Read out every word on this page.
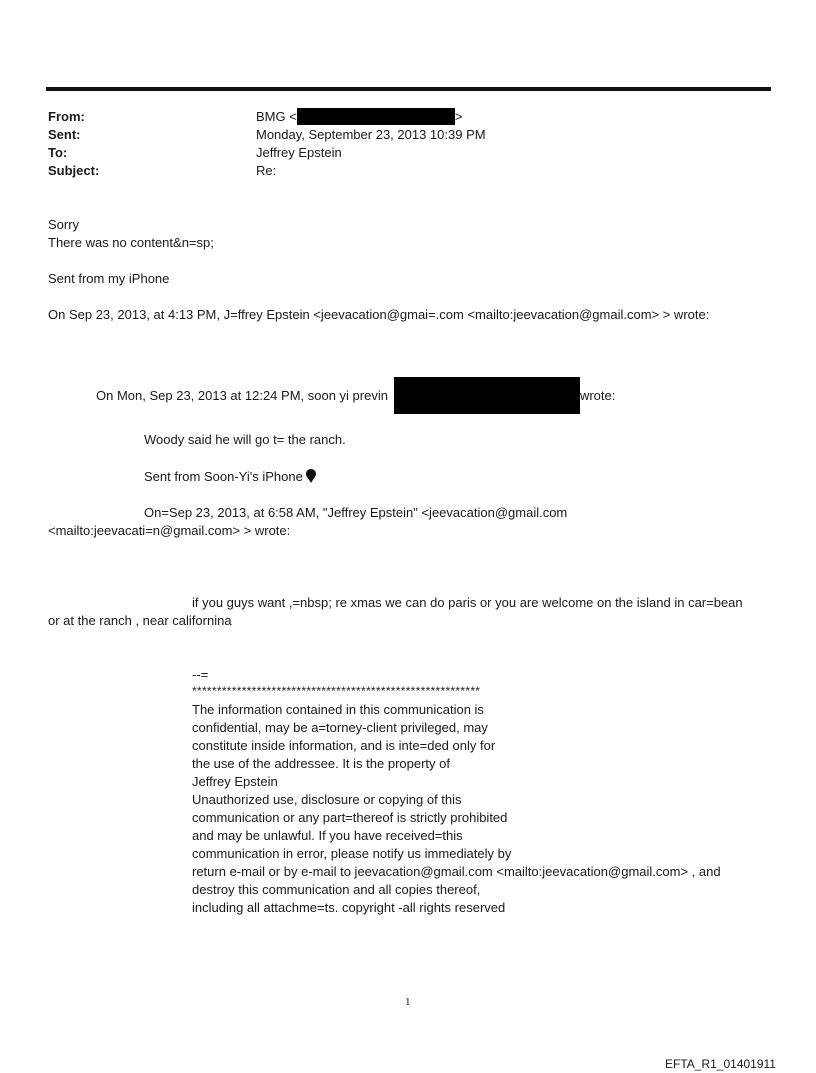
From:	BMG <	>
Sent:	Monday, September 23, 2013 10:39 PM
To:	Jeffrey Epstein
Subject:	Re:
Sorry
There was no content&n=sp;
Sent from my iPhone
On Sep 23, 2013, at 4:13 PM, J=ffrey Epstein <jeevacation@gmai=.com <mailto:jeevacation@gmail.com> > wrote:
On Mon, Sep 23, 2013 at 12:24 PM, soon yi previn	wrote:
Woody said he will go t= the ranch.
Sent from Soon-Yi's iPhone
On=Sep 23, 2013, at 6:58 AM, "Jeffrey Epstein" <jeevacation@gmail.com
<mailto:jeevacati=n@gmail.com> > wrote:
if you guys want ,=nbsp; re xmas we can do paris or you are welcome on the island in car=bean
or at the ranch , near californina
--=
**********************************************************
The information contained in this communication is
confidential, may be a=torney-client privileged, may
constitute inside information, and is inte=ded only for
the use of the addressee. It is the property of
Jeffrey Epstein
Unauthorized use, disclosure or copying of this
communication or any part=thereof is strictly prohibited
and may be unlawful. If you have received=this
communication in error, please notify us immediately by
return e-mail or by e-mail to jeevacation@gmail.com <mailto:jeevacation@gmail.com> , and
destroy this communication and all copies thereof,
including all attachme=ts. copyright -all rights reserved
1
EFTA_R1_01401911
